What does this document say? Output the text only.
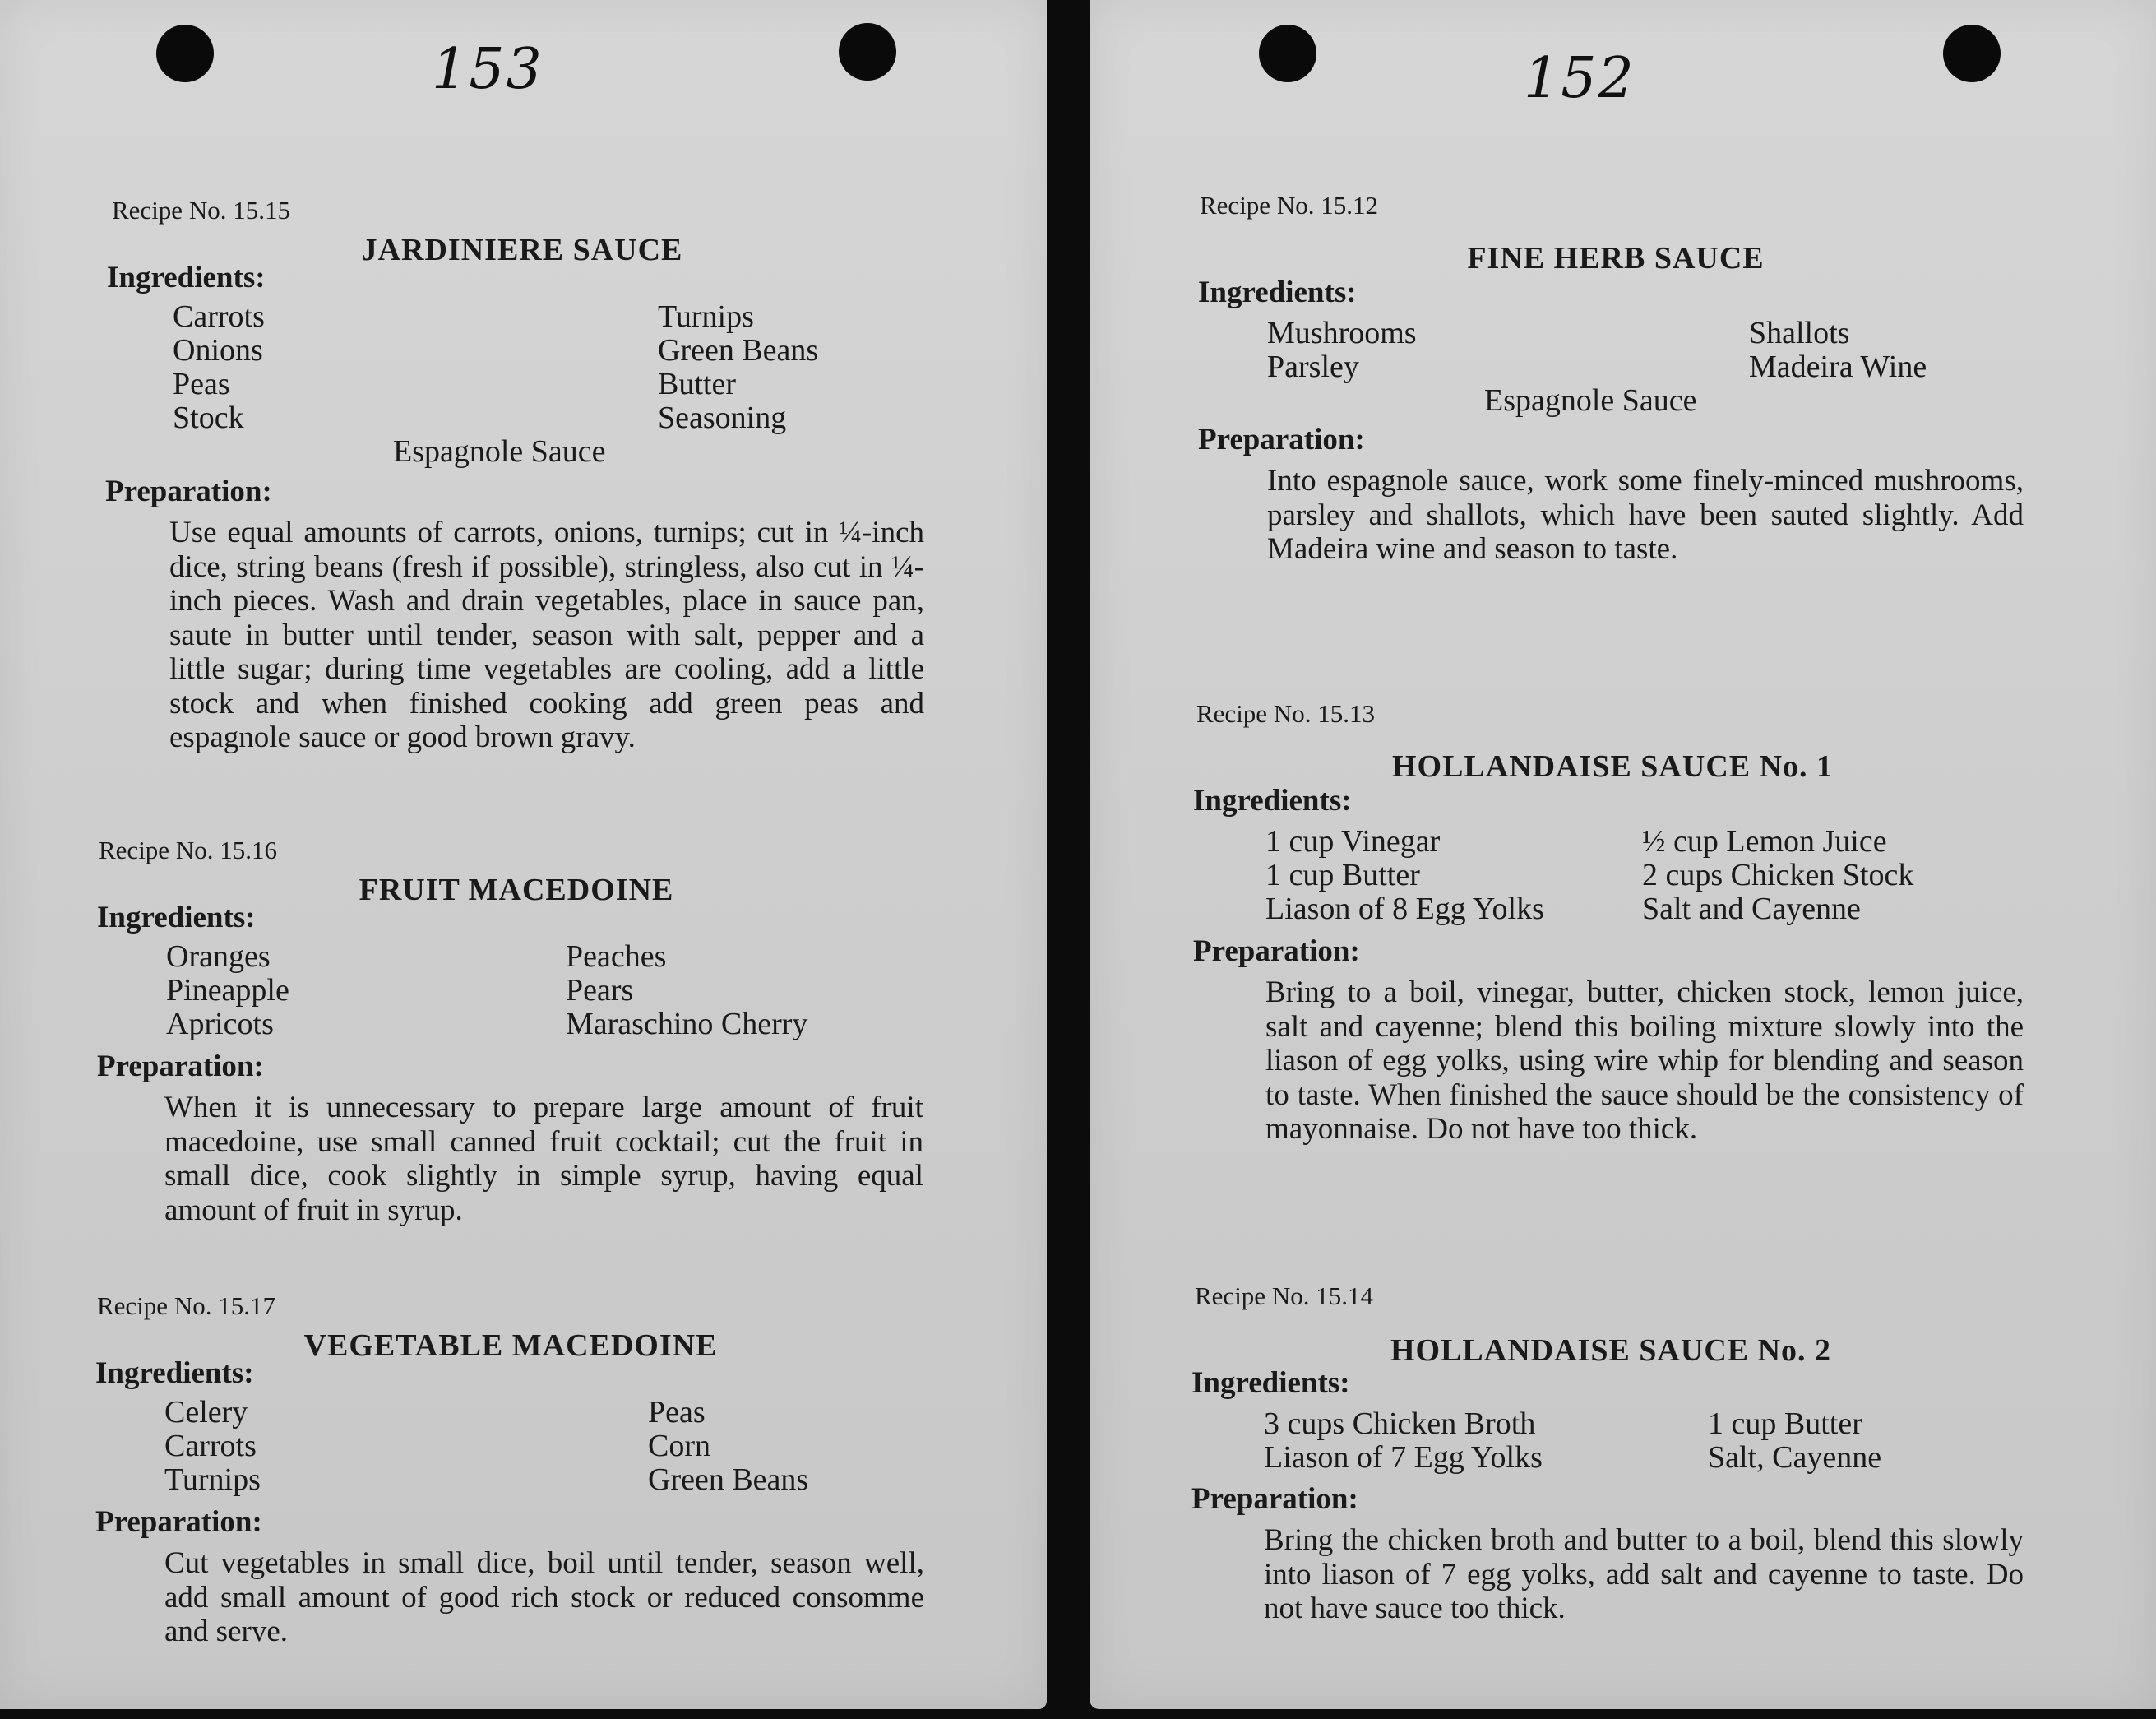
153
Recipe No. 15.15
JARDINIERE SAUCE
Ingredients:
Carrots
Onions
Peas
Stock
Turnips
Green Beans
Butter
Seasoning
Espagnole Sauce
Preparation:
Use equal amounts of carrots, onions, turnips; cut in ¼-inch dice, string beans (fresh if possible), stringless, also cut in ¼-inch pieces. Wash and drain vegetables, place in sauce pan, saute in butter until tender, season with salt, pepper and a little sugar; during time vegetables are cooling, add a little stock and when finished cooking add green peas and espagnole sauce or good brown gravy.
Recipe No. 15.16
FRUIT MACEDOINE
Ingredients:
Oranges
Pineapple
Apricots
Peaches
Pears
Maraschino Cherry
Preparation:
When it is unnecessary to prepare large amount of fruit macedoine, use small canned fruit cocktail; cut the fruit in small dice, cook slightly in simple syrup, having equal amount of fruit in syrup.
Recipe No. 15.17
VEGETABLE MACEDOINE
Ingredients:
Celery
Carrots
Turnips
Peas
Corn
Green Beans
Preparation:
Cut vegetables in small dice, boil until tender, season well, add small amount of good rich stock or reduced consomme and serve.
152
Recipe No. 15.12
FINE HERB SAUCE
Ingredients:
Mushrooms
Parsley
Shallots
Madeira Wine
Espagnole Sauce
Preparation:
Into espagnole sauce, work some finely-minced mushrooms, parsley and shallots, which have been sauted slightly. Add Madeira wine and season to taste.
Recipe No. 15.13
HOLLANDAISE SAUCE No. 1
Ingredients:
1 cup Vinegar
1 cup Butter
Liason of 8 Egg Yolks
½ cup Lemon Juice
2 cups Chicken Stock
Salt and Cayenne
Preparation:
Bring to a boil, vinegar, butter, chicken stock, lemon juice, salt and cayenne; blend this boiling mixture slowly into the liason of egg yolks, using wire whip for blending and season to taste. When finished the sauce should be the consistency of mayonnaise. Do not have too thick.
Recipe No. 15.14
HOLLANDAISE SAUCE No. 2
Ingredients:
3 cups Chicken Broth
Liason of 7 Egg Yolks
1 cup Butter
Salt, Cayenne
Preparation:
Bring the chicken broth and butter to a boil, blend this slowly into liason of 7 egg yolks, add salt and cayenne to taste. Do not have sauce too thick.
